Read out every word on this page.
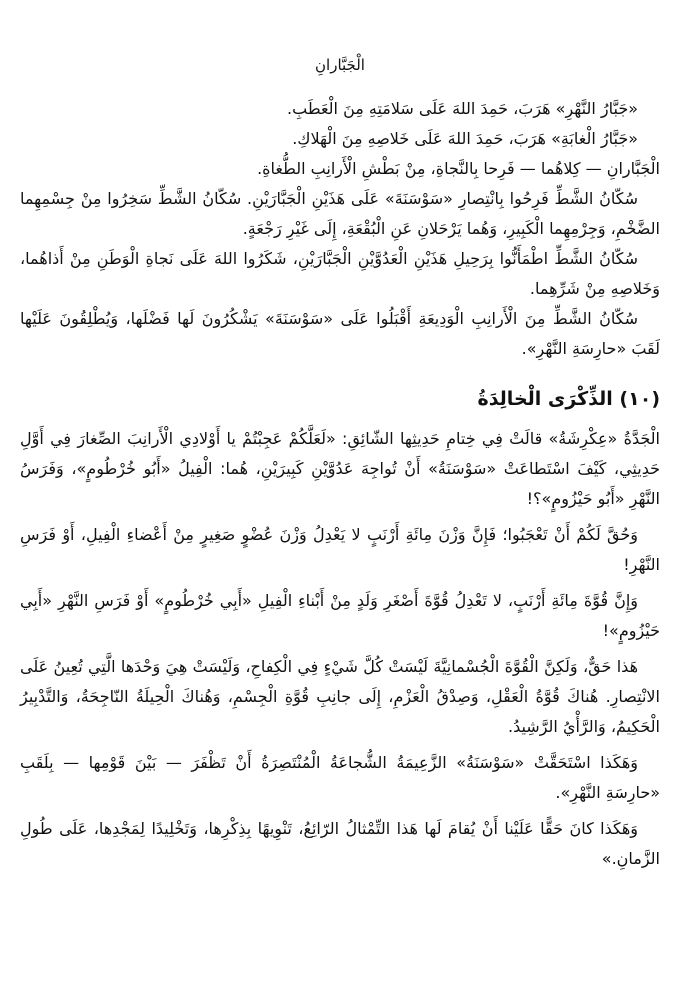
الْجَبَّارانِ

«جَبَّارُ النَّهْرِ» هَرَبَ، حَمِدَ اللهَ عَلَى سَلامَتِهِ مِنَ الْعَطَبِ.

«جَبَّارُ الْغابَةِ» هَرَبَ، حَمِدَ اللهَ عَلَى خَلاصِهِ مِنَ الْهَلاكِ.

الْجَبَّارانِ — كِلاهُما — فَرِحا بِالنَّجاةِ، مِنْ بَطْشِ الْأَرانِبِ الطُّغاةِ.

سُكّانُ الشَّطِّ فَرِحُوا بِانْتِصارِ «سَوْسَنَةَ» عَلَى هَذَيْنِ الْجَبَّارَيْنِ. سُكّانُ الشَّطِّ سَخِرُوا مِنْ جِسْمِهِما الضَّخْمِ، وَجِرْمِهِما الْكَبِيرِ، وَهُما يَرْحَلانِ عَنِ الْبُقْعَةِ، إِلَى غَيْرِ رَجْعَةٍ.

سُكّانُ الشَّطِّ اطْمَأَنُّوا بِرَحِيلِ هَذَيْنِ الْعَدُوَّيْنِ الْجَبَّارَيْنِ، شَكَرُوا اللهَ عَلَى نَجاةِ الْوَطَنِ مِنْ أَذاهُما، وَخَلاصِهِ مِنْ شَرِّهِما.

سُكّانُ الشَّطِّ مِنَ الْأَرانِبِ الْوَدِيعَةِ أَقْبَلُوا عَلَى «سَوْسَنَةَ» يَشْكُرُونَ لَها فَضْلَها، وَيُطْلِقُونَ عَلَيْها لَقَبَ «حارِسَةِ النَّهْرِ».

(١٠) الذِّكْرَى الْخالِدَةُ

الْجَدَّةُ «عِكْرِشَةُ» قالَتْ فِي خِتامِ حَدِيثِها الشّائِقِ: «لَعَلَّكُمْ عَجِبْتُمْ يا أَوْلادِي الْأَرانِبَ الصِّغارَ فِي أَوَّلِ حَدِيثِي، كَيْفَ اسْتَطاعَتْ «سَوْسَنَةُ» أَنْ تُواجِهَ عَدُوَّيْنِ كَبِيرَيْنِ، هُما: الْفِيلُ «أَبُو خُرْطُومٍ»، وَفَرَسُ النَّهْرِ «أَبُو حَيْزُومٍ»؟!

وَحُقَّ لَكُمْ أَنْ تَعْجَبُوا؛ فَإِنَّ وَزْنَ مِائَةِ أَرْنَبٍ لا يَعْدِلُ وَزْنَ عُضْوٍ صَغِيرٍ مِنْ أَعْضاءِ الْفِيلِ، أَوْ فَرَسِ النَّهْرِ!

وَإِنَّ قُوَّةَ مِائَةِ أَرْنَبٍ، لا تَعْدِلُ قُوَّةَ أَصْغَرِ وَلَدٍ مِنْ أَبْناءِ الْفِيلِ «أَبِي خُرْطُومٍ» أَوْ فَرَسِ النَّهْرِ «أَبِي حَيْزُومٍ»!

هَذا حَقٌّ، وَلَكِنَّ الْقُوَّةَ الْجُسْمانِيَّةَ لَيْسَتْ كُلَّ شَيْءٍ فِي الْكِفاحِ، وَلَيْسَتْ هِيَ وَحْدَها الَّتِي تُعِينُ عَلَى الانْتِصارِ. هُناكَ قُوَّةُ الْعَقْلِ، وَصِدْقُ الْعَزْمِ، إِلَى جانِبِ قُوَّةِ الْجِسْمِ، وَهُناكَ الْحِيلَةُ النّاجِحَةُ، وَالتَّدْبِيرُ الْحَكِيمُ، وَالرَّأْيُ الرَّشِيدُ.

وَهَكَذا اسْتَحَقَّتْ «سَوْسَنَةُ» الزَّعِيمَةُ الشُّجاعَةُ الْمُنْتَصِرَةُ أَنْ تَظْفَرَ — بَيْنَ قَوْمِها — بِلَقَبِ «حارِسَةِ النَّهْرِ».

وَهَكَذا كانَ حَقًّا عَلَيْنا أَنْ يُقامَ لَها هَذا التِّمْثالُ الرّائِعُ، تَنْوِيهًا بِذِكْرِها، وَتَخْلِيدًا لِمَجْدِها، عَلَى طُولِ الزَّمانِ.»
